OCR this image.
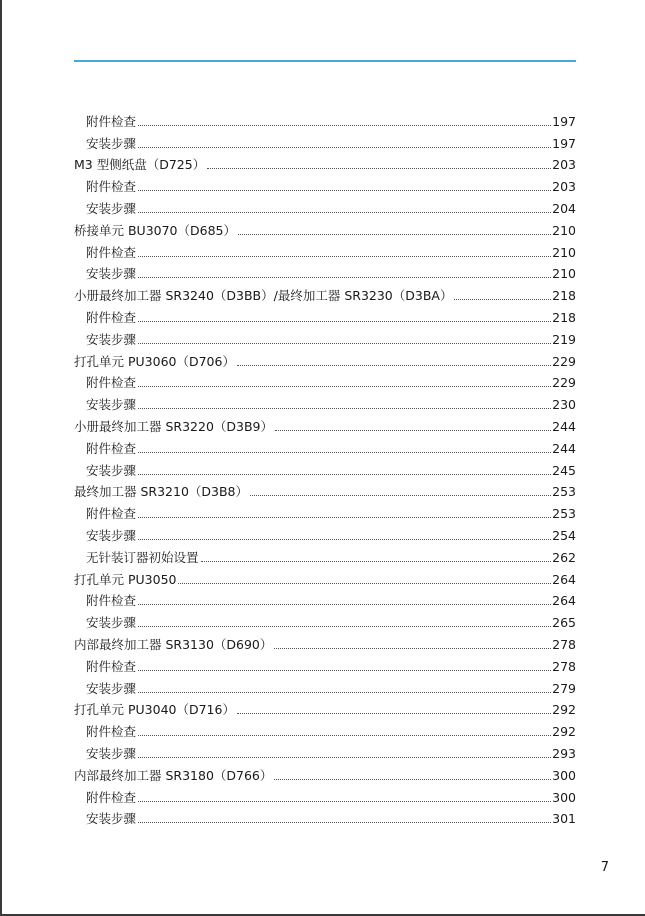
附件检查	197
安装步骤	197
M3 型侧纸盘（D725）	203
附件检查	203
安装步骤	204
桥接单元 BU3070（D685）	210
附件检查	210
安装步骤	210
小册最终加工器 SR3240（D3BB）/最终加工器 SR3230（D3BA）	218
附件检查	218
安装步骤	219
打孔单元 PU3060（D706）	229
附件检查	229
安装步骤	230
小册最终加工器 SR3220（D3B9）	244
附件检查	244
安装步骤	245
最终加工器 SR3210（D3B8）	253
附件检查	253
安装步骤	254
无针装订器初始设置	262
打孔单元 PU3050	264
附件检查	264
安装步骤	265
内部最终加工器 SR3130（D690）	278
附件检查	278
安装步骤	279
打孔单元 PU3040（D716）	292
附件检查	292
安装步骤	293
内部最终加工器 SR3180（D766）	300
附件检查	300
安装步骤	301
7
